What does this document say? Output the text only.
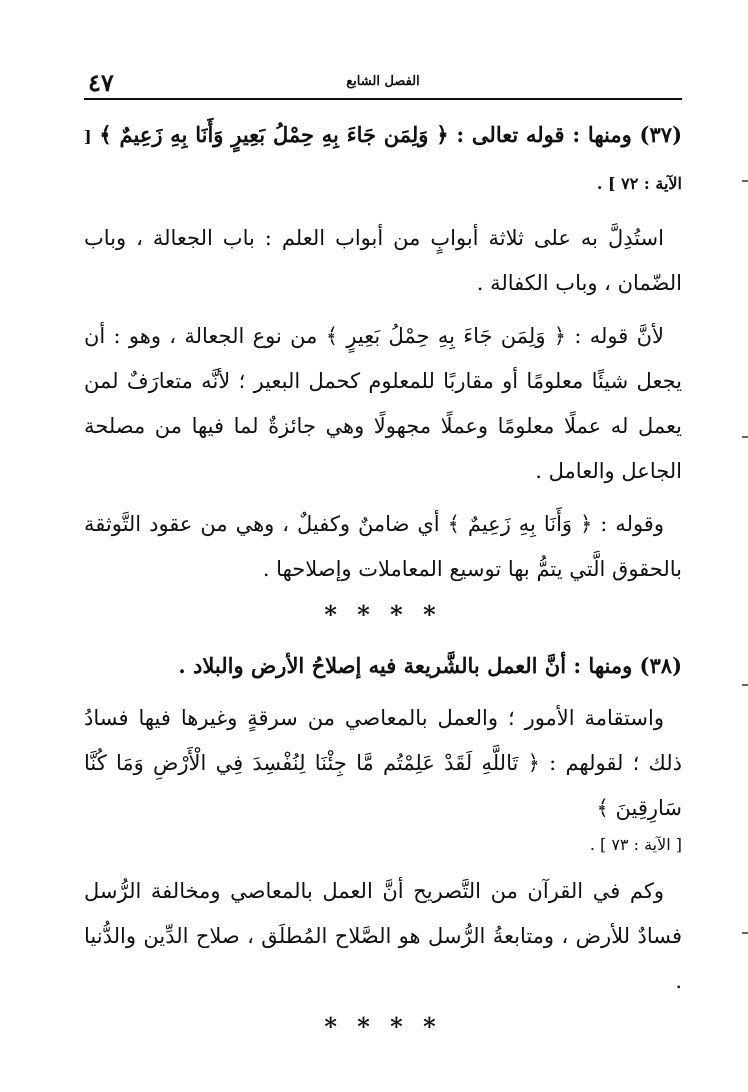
٤٧	الفصل الشابع

(٣٧) ومنها : قوله تعالى : ﴿ وَلِمَن جَاءَ بِهِ حِمْلُ بَعِيرٍ وَأَنَا بِهِ زَعِيمٌ ﴾ [ الآية : ٧٢ ] .

استُدِلَّ به على ثلاثة أبوابٍ من أبواب العلم : باب الجعالة ، وباب الضّمان ، وباب الكفالة .

لأنَّ قوله : ﴿ وَلِمَن جَاءَ بِهِ حِمْلُ بَعِيرٍ ﴾ من نوع الجعالة ، وهو : أن يجعل شيئًا معلومًا أو مقاربًا للمعلوم كحمل البعير ؛ لأنَّه متعارَفٌ لمن يعمل له عملًا معلومًا وعملًا مجهولًا وهي جائزةٌ لما فيها من مصلحة الجاعل والعامل .

وقوله : ﴿ وَأَنَا بِهِ زَعِيمٌ ﴾ أي ضامنٌ وكفيلٌ ، وهي من عقود التَّوثقة بالحقوق الَّتي يتمُّ بها توسيع المعاملات وإصلاحها .

* * * *

(٣٨) ومنها : أنَّ العمل بالشَّريعة فيه إصلاحُ الأرض والبلاد .

واستقامة الأمور ؛ والعمل بالمعاصي من سرقةٍ وغيرها فيها فسادُ ذلك ؛ لقولهم : ﴿ تَاللَّهِ لَقَدْ عَلِمْتُم مَّا جِئْنَا لِنُفْسِدَ فِي الْأَرْضِ وَمَا كُنَّا سَارِقِينَ ﴾

[ الآية : ٧٣ ] .

وكم في القرآن من التَّصريح أنَّ العمل بالمعاصي ومخالفة الرُّسل فسادٌ للأرض ، ومتابعةُ الرُّسل هو الصَّلاح المُطلَق ، صلاح الدِّين والدُّنيا .

* * * *
